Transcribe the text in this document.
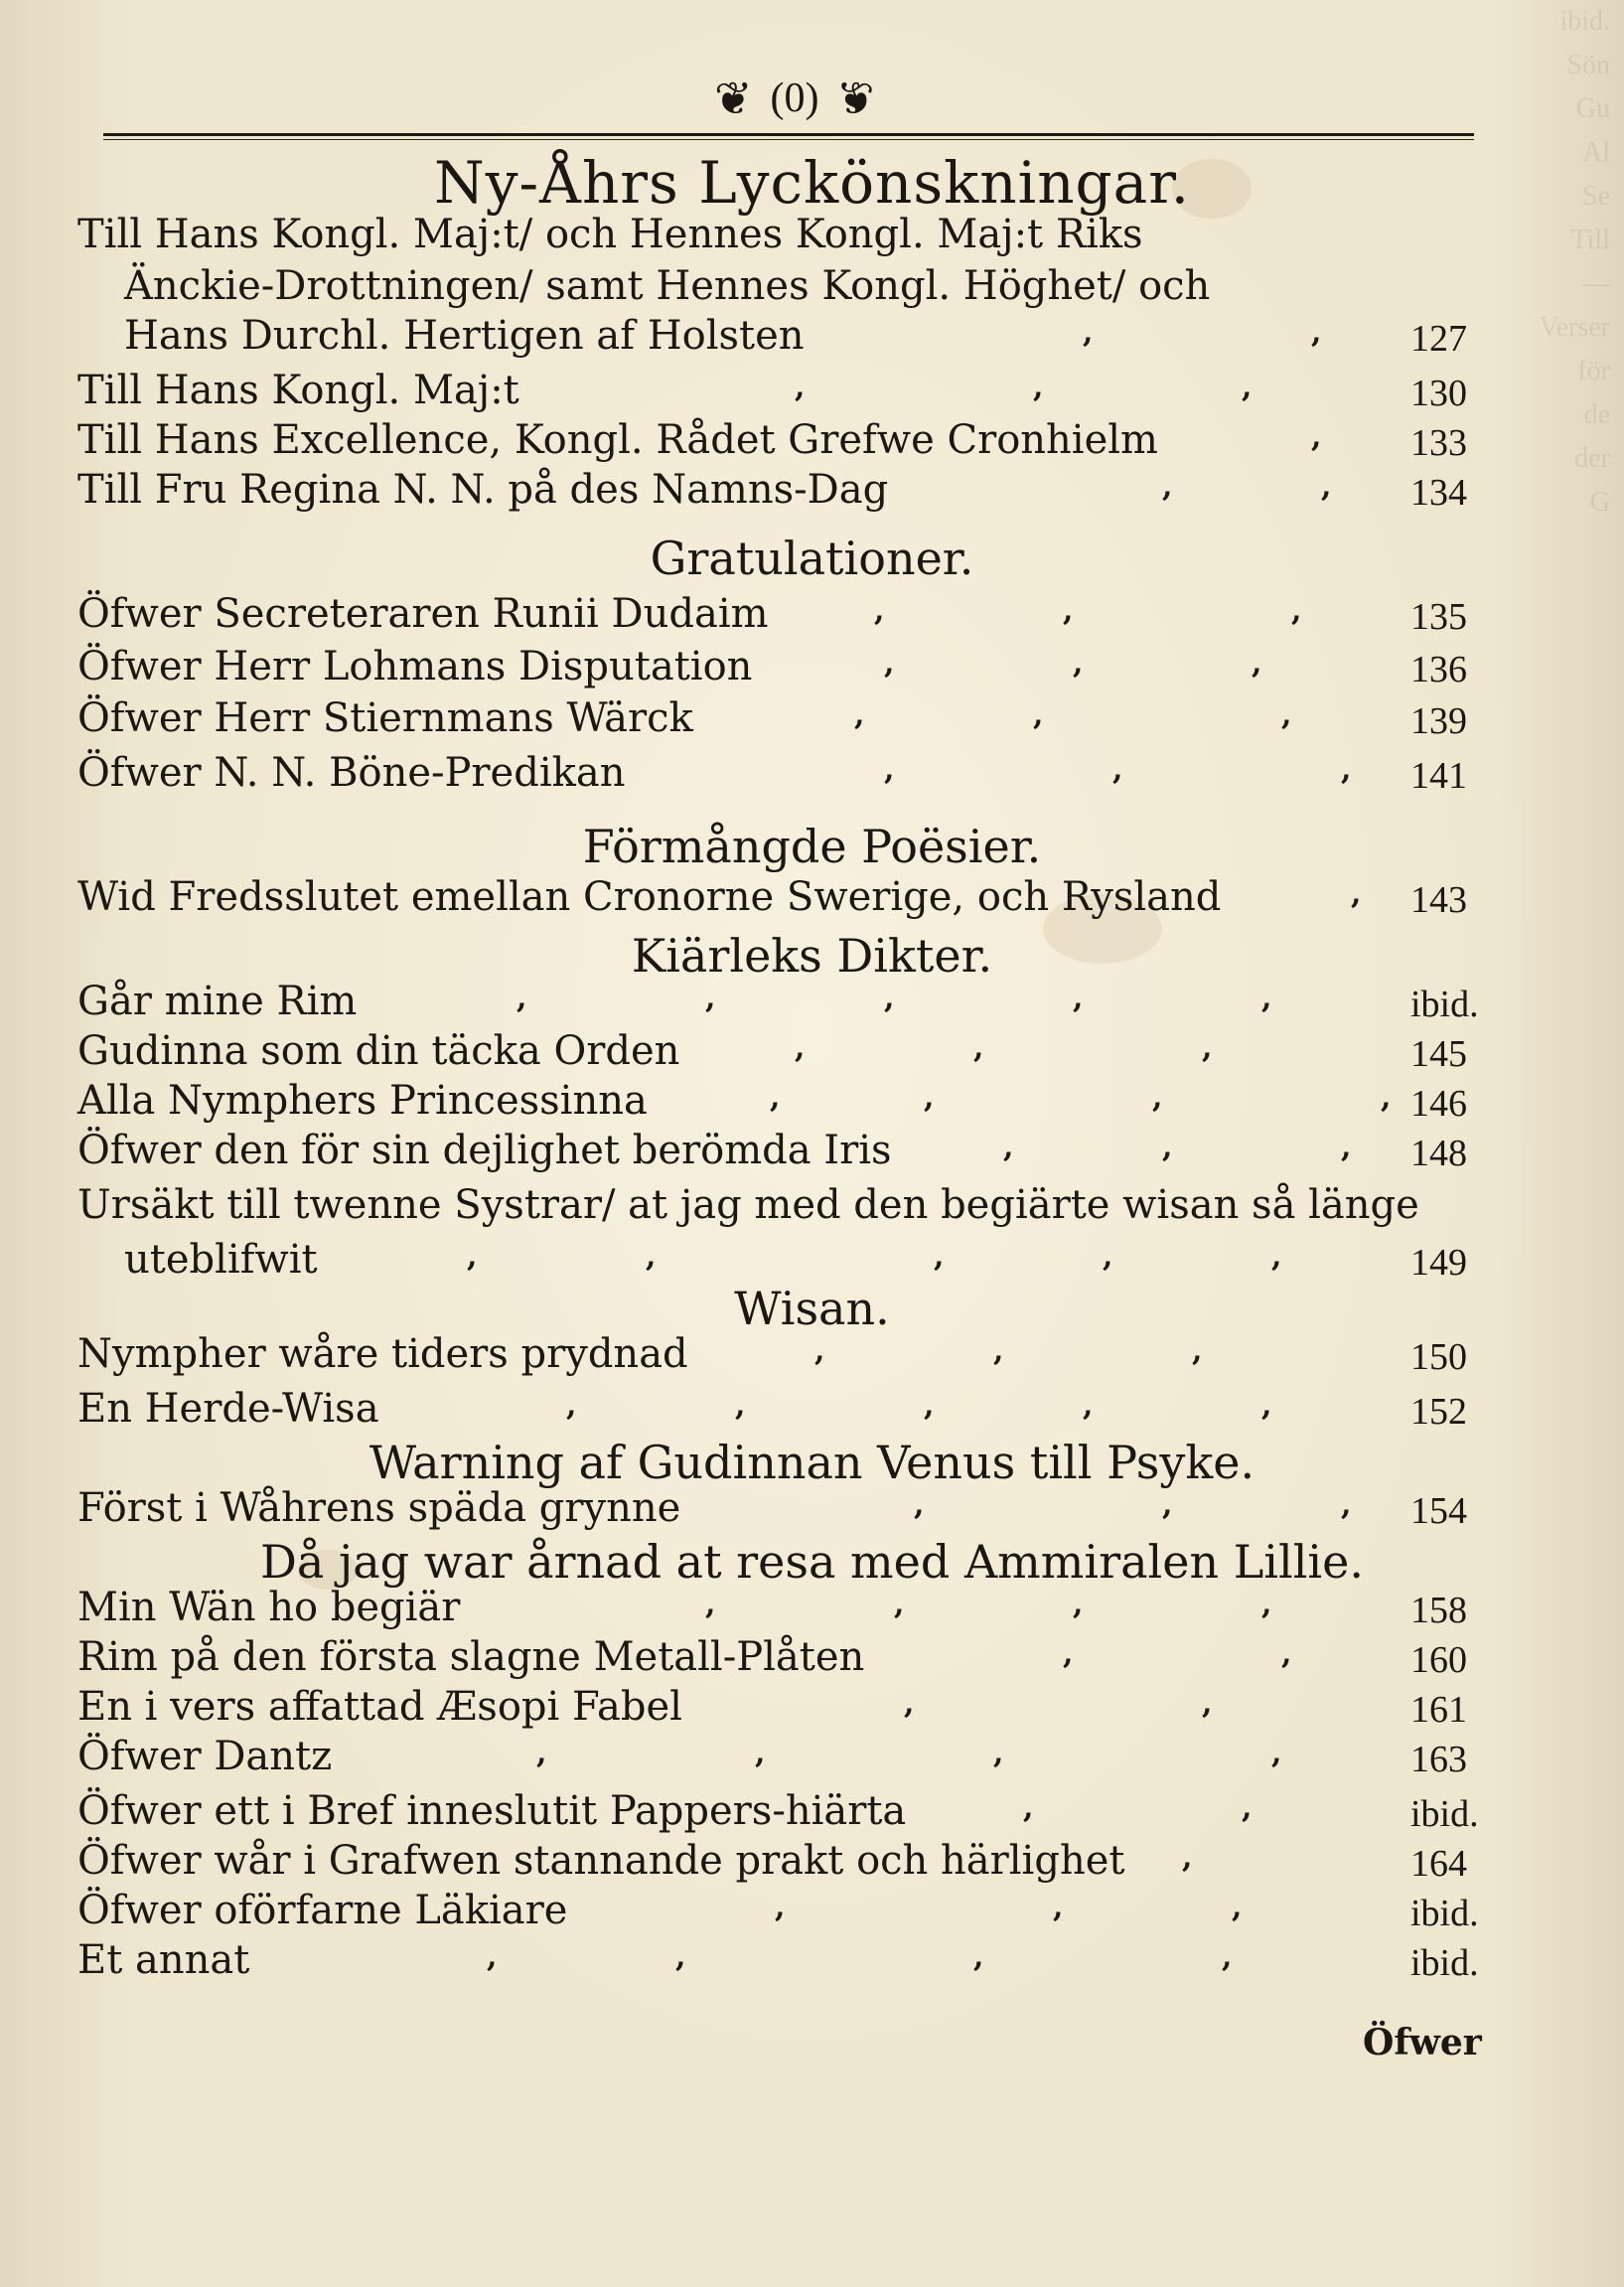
ibid.
Sön
Gu
Al
Se
Till
—
Verser
för
de
der
G
❦ (0) ❦
Ny-Åhrs Lyckönskningar.
Till Hans Kongl. Maj:t/ och Hennes Kongl. Maj:t Riks
Änckie-Drottningen/ samt Hennes Kongl. Höghet/ och
Hans Durchl. Hertigen af Holsten	,	, 127
Till Hans Kongl. Maj:t	,	,	,	130
Till Hans Excellence, Kongl. Rådet Grefwe Cronhielm	, 133
Till Fru Regina N. N. på des Namns-Dag	,	, 134
Gratulationer.
Öfwer Secreteraren Runii Dudaim	,	,	,	135
Öfwer Herr Lohmans Disputation	,	,	,	136
Öfwer Herr Stiernmans Wärck	,	,	,	139
Öfwer N. N. Böne-Predikan	,	,	, 141
Förmångde Poësier.
Wid Fredsslutet emellan Cronorne Swerige, och Rysland	, 143
Kiärleks Dikter.
Går mine Rim	,	,	,	,	,	ibid.
Gudinna som din täcka Orden	,	,	,	145
Alla Nymphers Princessinna	,	,	,	, 146
Öfwer den för sin dejlighet berömda Iris	,	,	, 148
Ursäkt till twenne Systrar/ at jag med den begiärte wisan så länge
uteblifwit	,	,	,	,	,	149
Wisan.
Nympher wåre tiders prydnad	,	,	,	150
En Herde-Wisa	,	,	,	,	,	152
Warning af Gudinnan Venus till Psyke.
Först i Wåhrens späda grynne	,	,	, 154
Då jag war årnad at resa med Ammiralen Lillie.
Min Wän ho begiär	,	,	,	,	158
Rim på den första slagne Metall-Plåten	,	,	160
En i vers affattad Æsopi Fabel	,	,	161
Öfwer Dantz	,	,	,	,	163
Öfwer ett i Bref inneslutit Pappers-hiärta	,	,	ibid.
Öfwer wår i Grafwen stannande prakt och härlighet ,	164
Öfwer oförfarne Läkiare	,	,	,	ibid.
Et annat	,	,	,	,	ibid.
Öfwer
